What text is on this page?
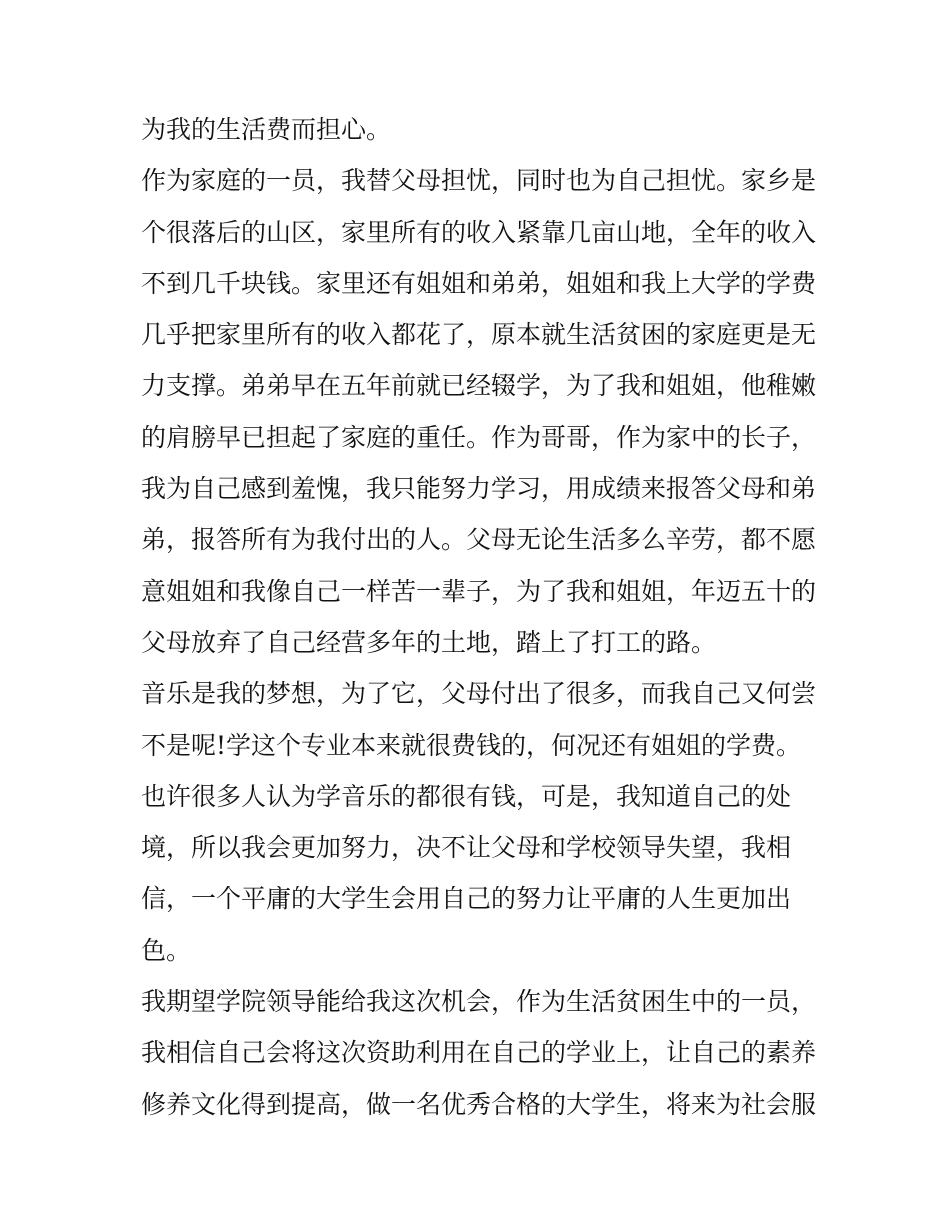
为我的生活费而担心。
作为家庭的一员，我替父母担忧，同时也为自己担忧。家乡是
个很落后的山区，家里所有的收入紧靠几亩山地，全年的收入
不到几千块钱。家里还有姐姐和弟弟，姐姐和我上大学的学费
几乎把家里所有的收入都花了，原本就生活贫困的家庭更是无
力支撑。弟弟早在五年前就已经辍学，为了我和姐姐，他稚嫩
的肩膀早已担起了家庭的重任。作为哥哥，作为家中的长子，
我为自己感到羞愧，我只能努力学习，用成绩来报答父母和弟
弟，报答所有为我付出的人。父母无论生活多么辛劳，都不愿
意姐姐和我像自己一样苦一辈子，为了我和姐姐，年迈五十的
父母放弃了自己经营多年的土地，踏上了打工的路。
音乐是我的梦想，为了它，父母付出了很多，而我自己又何尝
不是呢!学这个专业本来就很费钱的，何况还有姐姐的学费。
也许很多人认为学音乐的都很有钱，可是，我知道自己的处
境，所以我会更加努力，决不让父母和学校领导失望，我相
信，一个平庸的大学生会用自己的努力让平庸的人生更加出
色。
我期望学院领导能给我这次机会，作为生活贫困生中的一员，
我相信自己会将这次资助利用在自己的学业上，让自己的素养
修养文化得到提高，做一名优秀合格的大学生，将来为社会服
